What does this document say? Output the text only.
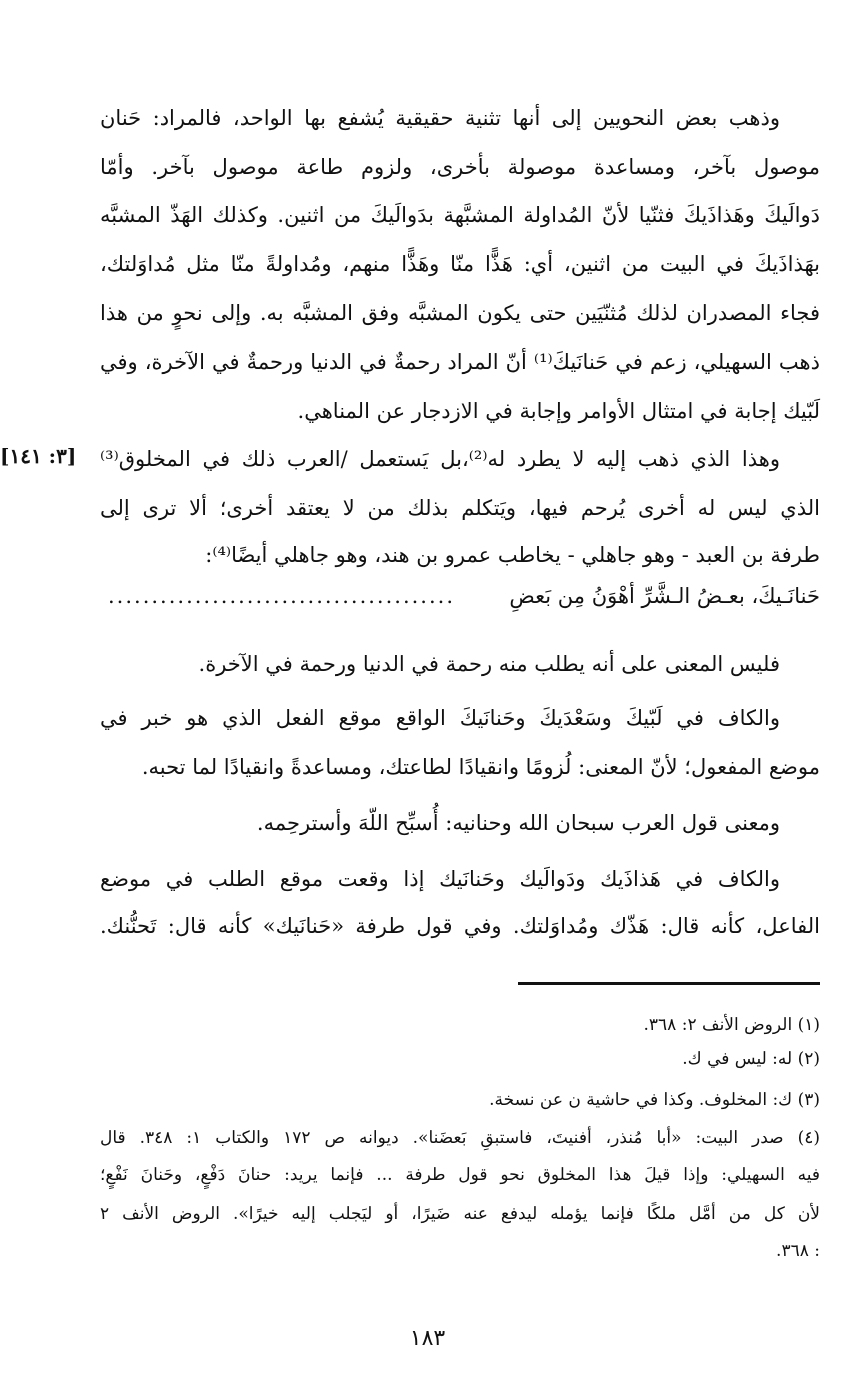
وذهب بعض النحويين إلى أنها تثنية حقيقية يُشفع بها الواحد، فالمراد: حَنان
موصول بآخر، ومساعدة موصولة بأخرى، ولزوم طاعة موصول بآخر. وأمّا
دَوالَيكَ وهَذاذَيكَ فثنّيا لأنّ المُداولة المشبَّهة بدَوالَيكَ من اثنين. وكذلك الهَذّ المشبَّه
بهَذاذَيكَ في البيت من اثنين، أي: هَذًّا منّا وهَذًّا منهم، ومُداولةً منّا مثل مُداوَلتك،
فجاء المصدران لذلك مُثنّيَين حتى يكون المشبَّه وفق المشبَّه به. وإلى نحوٍ من هذا
ذهب السهيلي، زعم في حَنانَيكَ⁽¹⁾ أنّ المراد رحمةٌ في الدنيا ورحمةٌ في الآخرة، وفي
لَبّيك إجابة في امتثال الأوامر وإجابة في الازدجار عن المناهي.
[٣: ١٤١]	وهذا الذي ذهب إليه لا يطرد له⁽²⁾،بل يَستعمل /العرب ذلك في المخلوق⁽³⁾
الذي ليس له أخرى يُرحم فيها، ويَتكلم بذلك من لا يعتقد أخرى؛ ألا ترى إلى
طرفة بن العبد - وهو جاهلي - يخاطب عمرو بن هند، وهو جاهلي أيضًا⁽⁴⁾:
حَنانَـيكَ، بعـضُ الـشَّرِّ أهْوَنُ مِن بَعضِ
........................................
فليس المعنى على أنه يطلب منه رحمة في الدنيا ورحمة في الآخرة.
والكاف في لَبّيكَ وسَعْدَيكَ وحَنانَيكَ الواقع موقع الفعل الذي هو خبر في
موضع المفعول؛ لأنّ المعنى: لُزومًا وانقيادًا لطاعتك، ومساعدةً وانقيادًا لما تحبه.
ومعنى قول العرب سبحان الله وحنانيه: أُسبِّح اللّهَ وأسترحِمه.
والكاف في هَذاذَيك ودَوالَيك وحَنانَيك إذا وقعت موقع الطلب في موضع
الفاعل، كأنه قال: هَذّك ومُداوَلتك. وفي قول طرفة «حَنانَيك» كأنه قال: تَحنُّنك.
(١) الروض الأنف ٢: ٣٦٨.
(٢) له: ليس في ك.
(٣) ك: المخلوف. وكذا في حاشية ن عن نسخة.
(٤) صدر البيت: «أبا مُنذر، أفنيتَ، فاستبقِ بَعضَنا». ديوانه ص ١٧٢ والكتاب ١: ٣٤٨. قال
فيه السهيلي: وإذا قيلَ هذا المخلوق نحو قول طرفة ... فإنما يريد: حنانَ دَفْعٍ، وحَنانَ نَفْعٍ؛
لأن كل من أمَّل ملكًا فإنما يؤمله ليدفع عنه ضَيرًا، أو ليَجلب إليه خيرًا». الروض الأنف ٢
: ٣٦٨.
١٨٣
